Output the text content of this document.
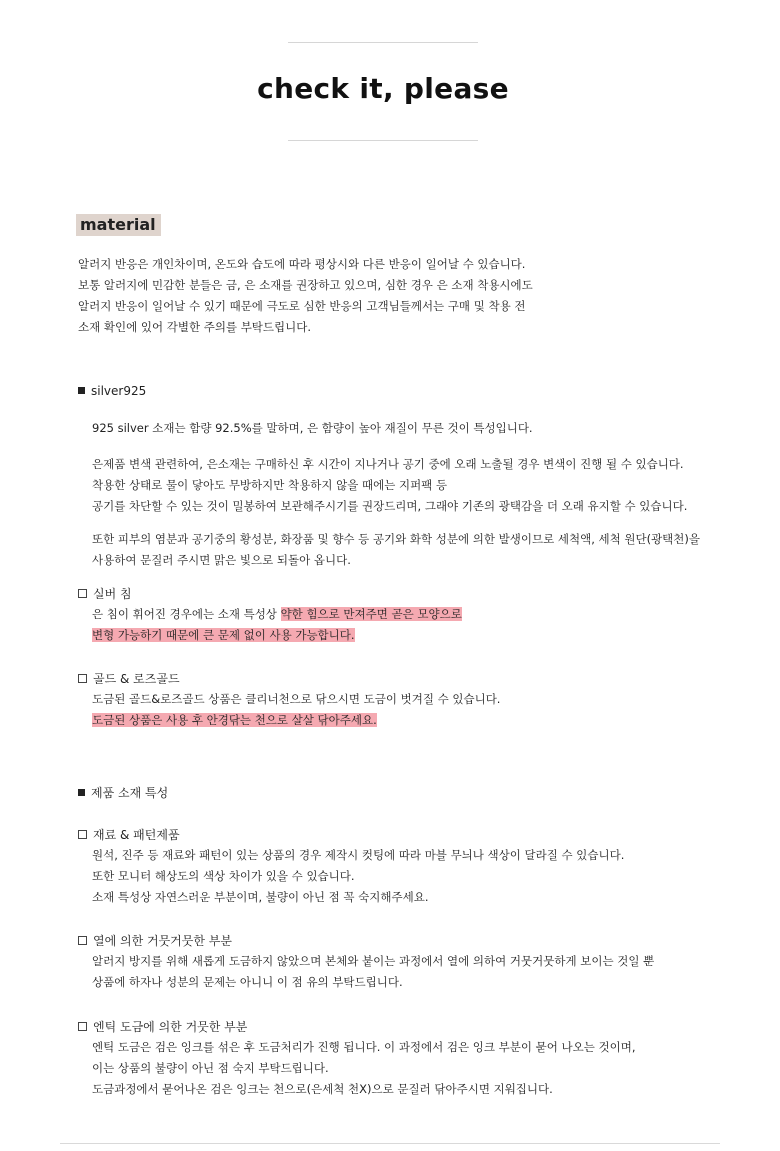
check it, please
material
알러지 반응은 개인차이며, 온도와 습도에 따라 평상시와 다른 반응이 일어날 수 있습니다.
보통 알러지에 민감한 분들은 금, 은 소재를 권장하고 있으며, 심한 경우 은 소재 착용시에도
알러지 반응이 일어날 수 있기 때문에 극도로 심한 반응의 고객님들께서는 구매 및 착용 전
소재 확인에 있어 각별한 주의를 부탁드립니다.
silver925
925 silver 소재는 함량 92.5%를 말하며, 은 함량이 높아 재질이 무른 것이 특성입니다.
은제품 변색 관련하여, 은소재는 구매하신 후 시간이 지나거나 공기 중에 오래 노출될 경우 변색이 진행 될 수 있습니다.
착용한 상태로 물이 닿아도 무방하지만 착용하지 않을 때에는 지퍼팩 등
공기를 차단할 수 있는 것이 밀봉하여 보관해주시기를 권장드리며, 그래야 기존의 광택감을 더 오래 유지할 수 있습니다.
또한 피부의 염분과 공기중의 황성분, 화장품 및 향수 등 공기와 화학 성분에 의한 발생이므로 세척액, 세척 원단(광택천)을
사용하여 문질러 주시면 맑은 빛으로 되돌아 옵니다.
실버 침
은 침이 휘어진 경우에는 소재 특성상 약한 힘으로 만져주면 곧은 모양으로
변형 가능하기 때문에 큰 문제 없이 사용 가능합니다.
골드 & 로즈골드
도금된 골드&로즈골드 상품은 클리너천으로 닦으시면 도금이 벗겨질 수 있습니다.
도금된 상품은 사용 후 안경닦는 천으로 살살 닦아주세요.
제품 소재 특성
재료 & 패턴제품
원석, 진주 등 재료와 패턴이 있는 상품의 경우 제작시 컷팅에 따라 마블 무늬나 색상이 달라질 수 있습니다.
또한 모니터 해상도의 색상 차이가 있을 수 있습니다.
소재 특성상 자연스러운 부분이며, 불량이 아닌 점 꼭 숙지해주세요.
열에 의한 거뭇거뭇한 부분
알러지 방지를 위해 새롭게 도금하지 않았으며 본체와 붙이는 과정에서 열에 의하여 거뭇거뭇하게 보이는 것일 뿐
상품에 하자나 성분의 문제는 아니니 이 점 유의 부탁드립니다.
엔틱 도금에 의한 거뭇한 부분
엔틱 도금은 검은 잉크를 섞은 후 도금처리가 진행 됩니다. 이 과정에서 검은 잉크 부분이 묻어 나오는 것이며,
이는 상품의 불량이 아닌 점 숙지 부탁드립니다.
도금과정에서 묻어나온 검은 잉크는 천으로(은세척 천X)으로 문질러 닦아주시면 지워집니다.
